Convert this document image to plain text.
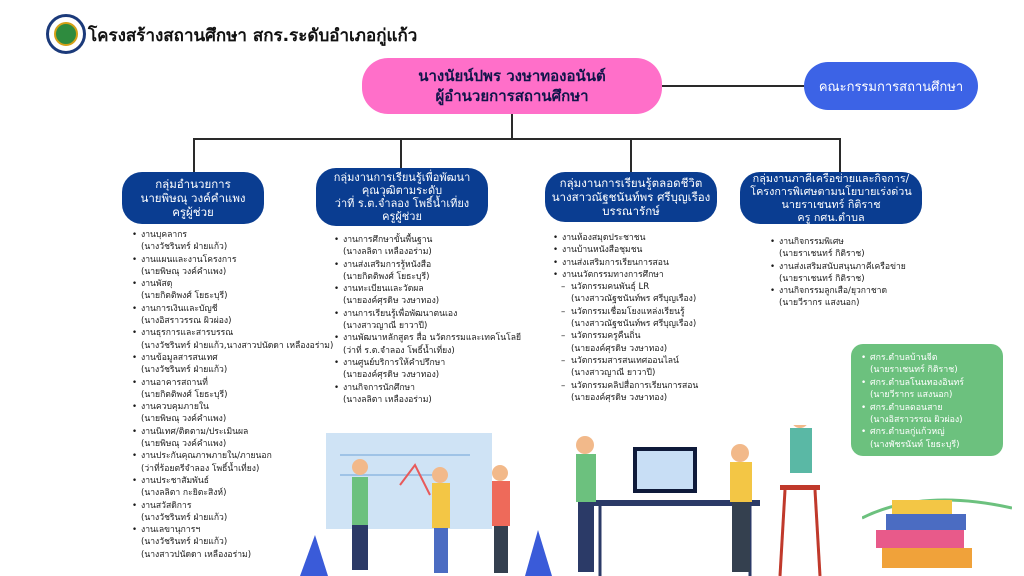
โครงสร้างสถานศึกษา สกร.ระดับอำเภอกู่แก้ว
นางนัยน์ปพร วงษาทองอนันต์
ผู้อำนวยการสถานศึกษา	คณะกรรมการสถานศึกษา
กลุ่มอำนวยการ
นายพิษณุ วงค์คำแพง
ครูผู้ช่วย
• งานบุคลากร
(นางวัชรินทร์ ฝ่ายแก้ว)
• งานแผนและงานโครงการ
(นายพิษณุ วงค์คำแพง)
• งานพัสดุ
(นายกิตติพงศ์ โยธะบุรี)
• งานการเงินและบัญชี
(นางอิสราวรรณ ผิวผ่อง)
• งานธุรการและสารบรรณ
(นางวัชรินทร์ ฝ่ายแก้ว,นางสาวปนัดดา เหลืองอร่าม)
• งานข้อมูลสารสนเทศ
(นางวัชรินทร์ ฝ่ายแก้ว)
• งานอาคารสถานที่
(นายกิตติพงศ์ โยธะบุรี)
• งานควบคุมภายใน
(นายพิษณุ วงค์คำแพง)
• งานนิเทศ/ติดตาม/ประเมินผล
(นายพิษณุ วงค์คำแพง)
• งานประกันคุณภาพภายใน/ภายนอก
(ว่าที่ร้อยตรีจำลอง โพธิ์น้ำเที่ยง)
• งานประชาสัมพันธ์
(นางลลิตา กะยิตะสิงห์)
• งานสวัสดิการ
(นางวัชรินทร์ ฝ่ายแก้ว)
• งานเลขานุการฯ
(นางวัชรินทร์ ฝ่ายแก้ว)
(นางสาวปนัดดา เหลืองอร่าม)
กลุ่มงานการเรียนรู้เพื่อพัฒนา
คุณวุฒิตามระดับ
ว่าที่ ร.ต.จำลอง โพธิ์น้ำเที่ยง
ครูผู้ช่วย
• งานการศึกษาขั้นพื้นฐาน
(นางลลิตา เหลืองอร่าม)
• งานส่งเสริมการรู้หนังสือ
(นายกิตติพงศ์ โยธะบุรี)
• งานทะเบียนและวัดผล
(นายองค์ศุรดิษ วงษาทอง)
• งานการเรียนรู้เพื่อพัฒนาตนเอง
(นางสาวญาณี ยาวาปี)
• งานพัฒนาหลักสูตร สื่อ นวัตกรรมและเทคโนโลยี
(ว่าที่ ร.ต.จำลอง โพธิ์น้ำเที่ยง)
• งานศูนย์บริการให้คำปรึกษา
(นายองค์ศุรดิษ วงษาทอง)
• งานกิจการนักศึกษา
(นางลลิตา เหลืองอร่าม)
กลุ่มงานการเรียนรู้ตลอดชีวิต
นางสาวณัฐชนันท์พร ศรีบุญเรือง
บรรณารักษ์
• งานห้องสมุดประชาชน
• งานบ้านหนังสือชุมชน
• งานส่งเสริมการเรียนการสอน
• งานนวัตกรรมทางการศึกษา
– นวัตกรรมคนพันธุ์ LR
(นางสาวณัฐชนันท์พร ศรีบุญเรือง)
– นวัตกรรมเชื่อมโยงแหล่งเรียนรู้
(นางสาวณัฐชนันท์พร ศรีบุญเรือง)
– นวัตกรรมครูคืนถิ่น
(นายองค์ศุรดิษ วงษาทอง)
– นวัตกรรมสารสนเทศออนไลน์
(นางสาวญาณี ยาวาปี)
– นวัตกรรมคลิปสื่อการเรียนการสอน
(นายองค์ศุรดิษ วงษาทอง)
กลุ่มงานภาคีเครือข่ายและกิจการ/
โครงการพิเศษตามนโยบายเร่งด่วน
นายราเชนทร์ กิติราช
ครู กศน.ตำบล
• งานกิจกรรมพิเศษ
(นายราเชนทร์ กิติราช)
• งานส่งเสริมสนับสนุนภาคีเครือข่าย
(นายราเชนทร์ กิติราช)
• งานกิจกรรมลูกเสือ/ยุวกาชาด
(นายวีรากร แสงนอก)
• ศกร.ตำบลบ้านจีต
(นายราเชนทร์ กิติราช)
• ศกร.ตำบลโนนทองอินทร์
(นายวีรากร แสงนอก)
• ศกร.ตำบลดอนสาย
(นางอิสราวรรณ ผิวผ่อง)
• ศกร.ตำบลกู่แก้วหญ่
(นางพัชรนันท์ โยธะบุรี)
